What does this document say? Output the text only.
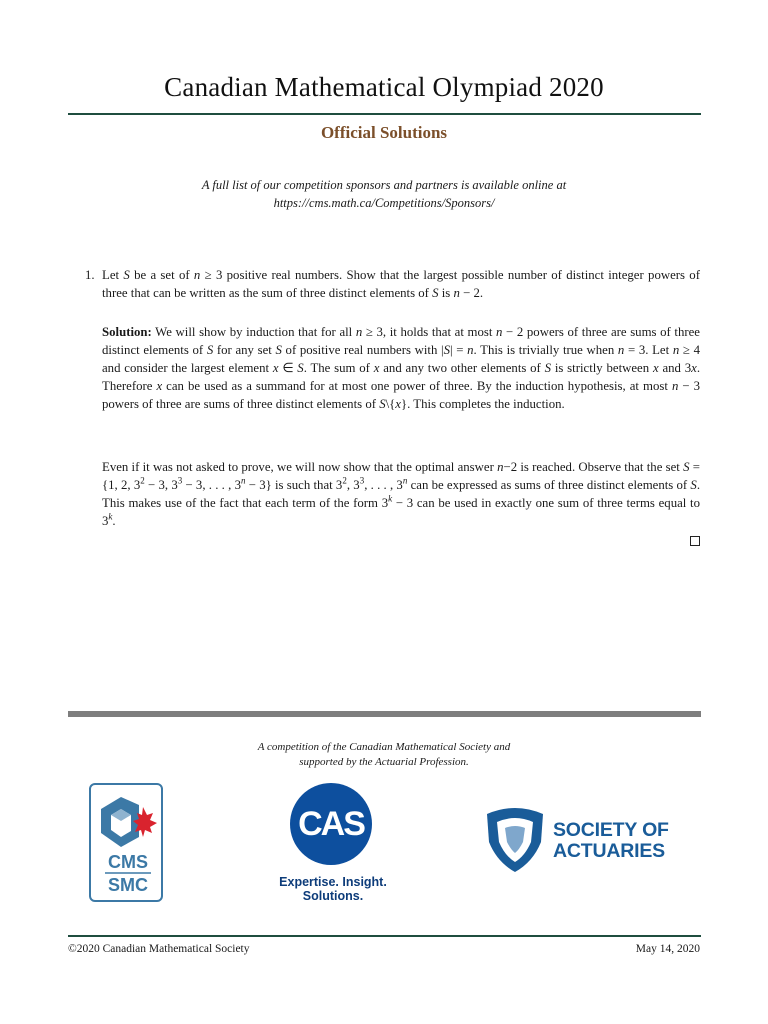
Canadian Mathematical Olympiad 2020
Official Solutions
A full list of our competition sponsors and partners is available online at
https://cms.math.ca/Competitions/Sponsors/
1. Let S be a set of n ≥ 3 positive real numbers. Show that the largest possible number of distinct integer powers of three that can be written as the sum of three distinct elements of S is n − 2.
Solution: We will show by induction that for all n ≥ 3, it holds that at most n − 2 powers of three are sums of three distinct elements of S for any set S of positive real numbers with |S| = n. This is trivially true when n = 3. Let n ≥ 4 and consider the largest element x ∈ S. The sum of x and any two other elements of S is strictly between x and 3x. Therefore x can be used as a summand for at most one power of three. By the induction hypothesis, at most n − 3 powers of three are sums of three distinct elements of S\{x}. This completes the induction.
Even if it was not asked to prove, we will now show that the optimal answer n−2 is reached. Observe that the set S = {1, 2, $3^2 - 3$, $3^3 - 3$, . . . , $3^n - 3$} is such that $3^2$, $3^3$, . . . , 3$^n$ can be expressed as sums of three distinct elements of S. This makes use of the fact that each term of the form $3^k - 3$ can be used in exactly one sum of three terms equal to 3$^k$.
A competition of the Canadian Mathematical Society and
supported by the Actuarial Profession.
CMS
SMC
CAS
Expertise. Insight.
Solutions.
SOCIETY OF
ACTUARIES
©2020 Canadian Mathematical Society	May 14, 2020
